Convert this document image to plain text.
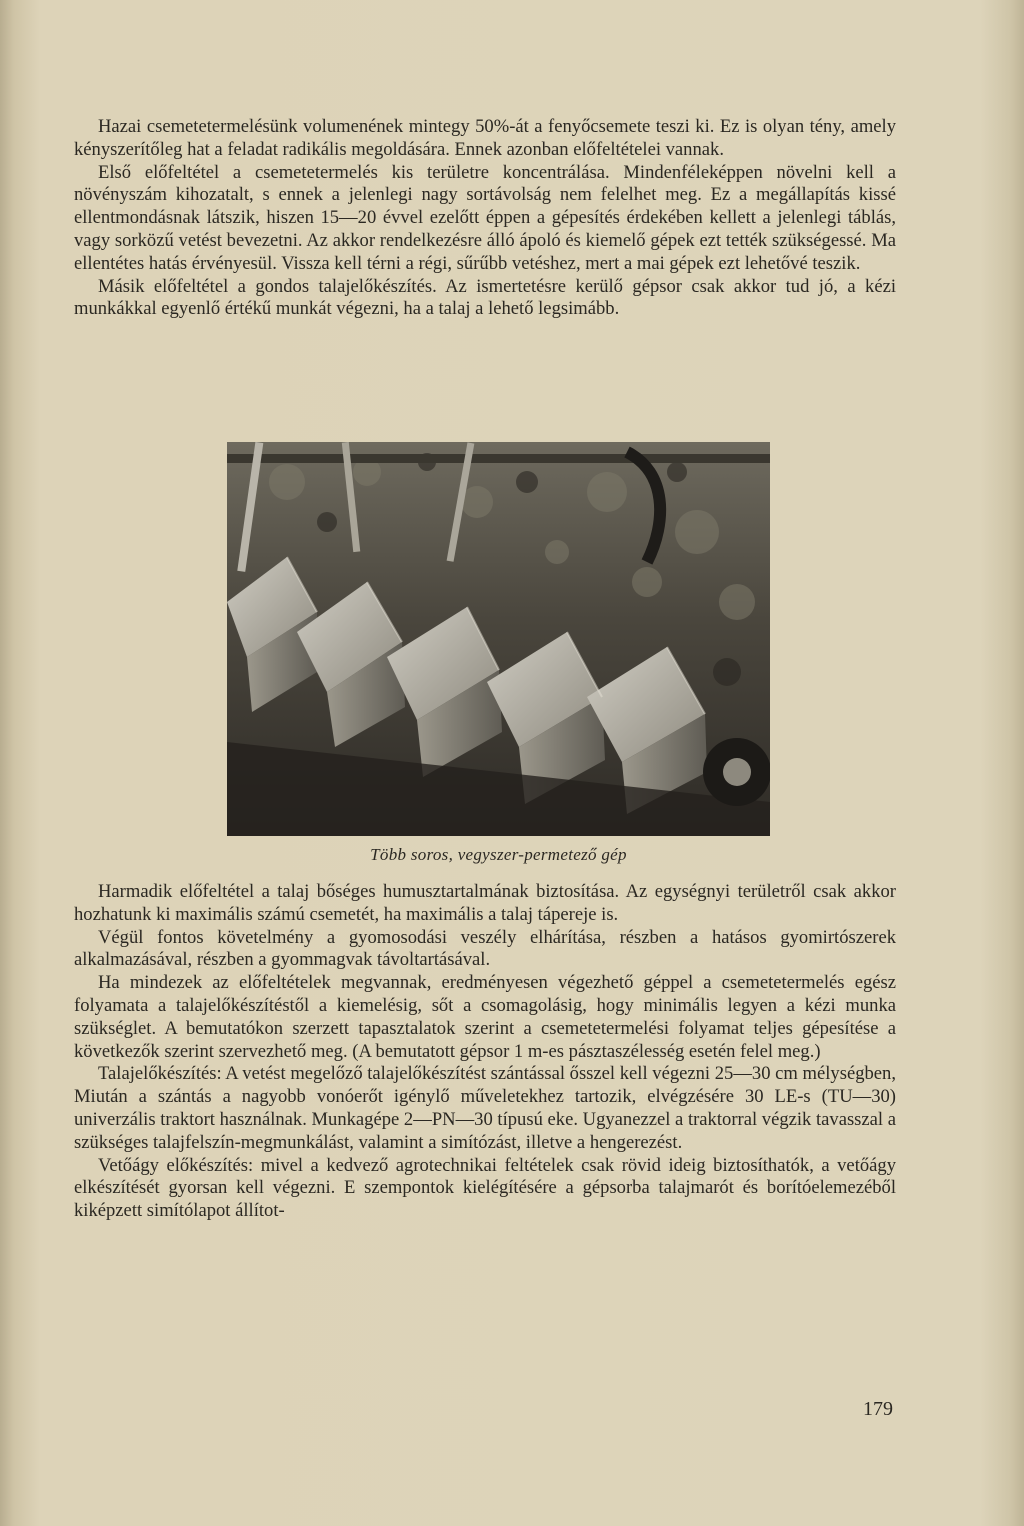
Hazai csemetetermelésünk volumenének mintegy 50%-át a fenyőcsemete teszi ki. Ez is olyan tény, amely kényszerítőleg hat a feladat radikális megoldására. Ennek azonban előfeltételei vannak.

Első előfeltétel a csemetetermelés kis területre koncentrálása. Mindenféleképpen növelni kell a növényszám kihozatalt, s ennek a jelenlegi nagy sortávolság nem felelhet meg. Ez a megállapítás kissé ellentmondásnak látszik, hiszen 15—20 évvel ezelőtt éppen a gépesítés érdekében kellett a jelenlegi táblás, vagy sorközű vetést bevezetni. Az akkor rendelkezésre álló ápoló és kiemelő gépek ezt tették szükségessé. Ma ellentétes hatás érvényesül. Vissza kell térni a régi, sűrűbb vetéshez, mert a mai gépek ezt lehetővé teszik.

Másik előfeltétel a gondos talajelőkészítés. Az ismertetésre kerülő gépsor csak akkor tud jó, a kézi munkákkal egyenlő értékű munkát végezni, ha a talaj a lehető legsimább.

Több soros, vegyszer-permetező gép

Harmadik előfeltétel a talaj bőséges humusztartalmának biztosítása. Az egységnyi területről csak akkor hozhatunk ki maximális számú csemetét, ha maximális a talaj tápereje is.

Végül fontos követelmény a gyomosodási veszély elhárítása, részben a hatásos gyomirtószerek alkalmazásával, részben a gyommagvak távoltartásával.

Ha mindezek az előfeltételek megvannak, eredményesen végezhető géppel a csemetetermelés egész folyamata a talajelőkészítéstől a kiemelésig, sőt a csomagolásig, hogy minimális legyen a kézi munka szükséglet. A bemutatókon szerzett tapasztalatok szerint a csemetetermelési folyamat teljes gépesítése a következők szerint szervezhető meg. (A bemutatott gépsor 1 m-es pásztaszélesség esetén felel meg.)

Talajelőkészítés: A vetést megelőző talajelőkészítést szántással ősszel kell végezni 25—30 cm mélységben, Miután a szántás a nagyobb vonóerőt igénylő műveletekhez tartozik, elvégzésére 30 LE-s (TU—30) univerzális traktort használnak. Munkagépe 2—PN—30 típusú eke. Ugyanezzel a traktorral végzik tavasszal a szükséges talajfelszín-megmunkálást, valamint a simítózást, illetve a hengerezést.

Vetőágy előkészítés: mivel a kedvező agrotechnikai feltételek csak rövid ideig biztosíthatók, a vetőágy elkészítését gyorsan kell végezni. E szempontok kielégítésére a gépsorba talajmarót és borítóelemezéből kiképzett simítólapot állítot-

179
